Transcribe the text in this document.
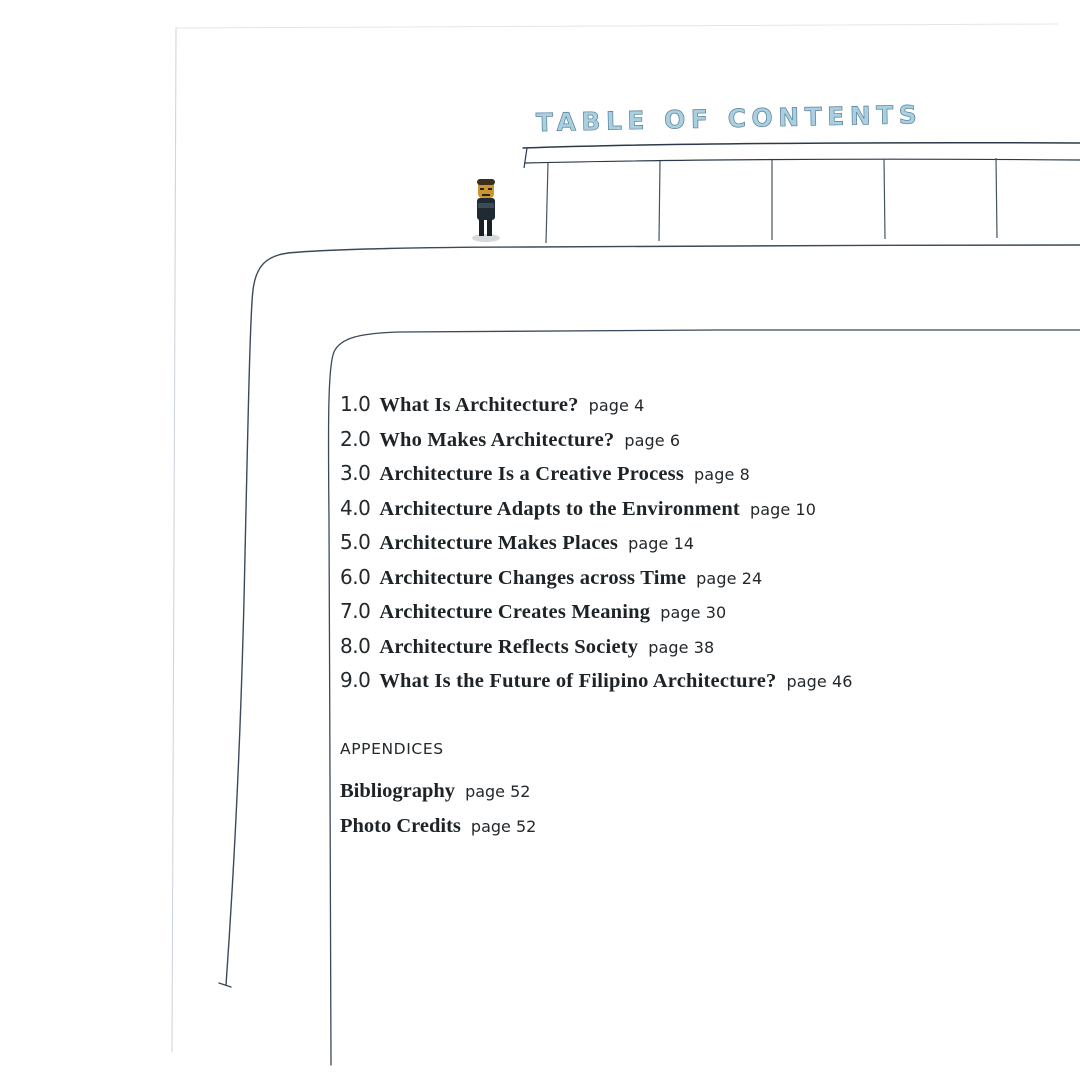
TABLE OF CONTENTS
1.0 What Is Architecture? page 4
2.0 Who Makes Architecture? page 6
3.0 Architecture Is a Creative Process page 8
4.0 Architecture Adapts to the Environment page 10
5.0 Architecture Makes Places page 14
6.0 Architecture Changes across Time page 24
7.0 Architecture Creates Meaning page 30
8.0 Architecture Reflects Society page 38
9.0 What Is the Future of Filipino Architecture? page 46
APPENDICES
Bibliography page 52
Photo Credits page 52
